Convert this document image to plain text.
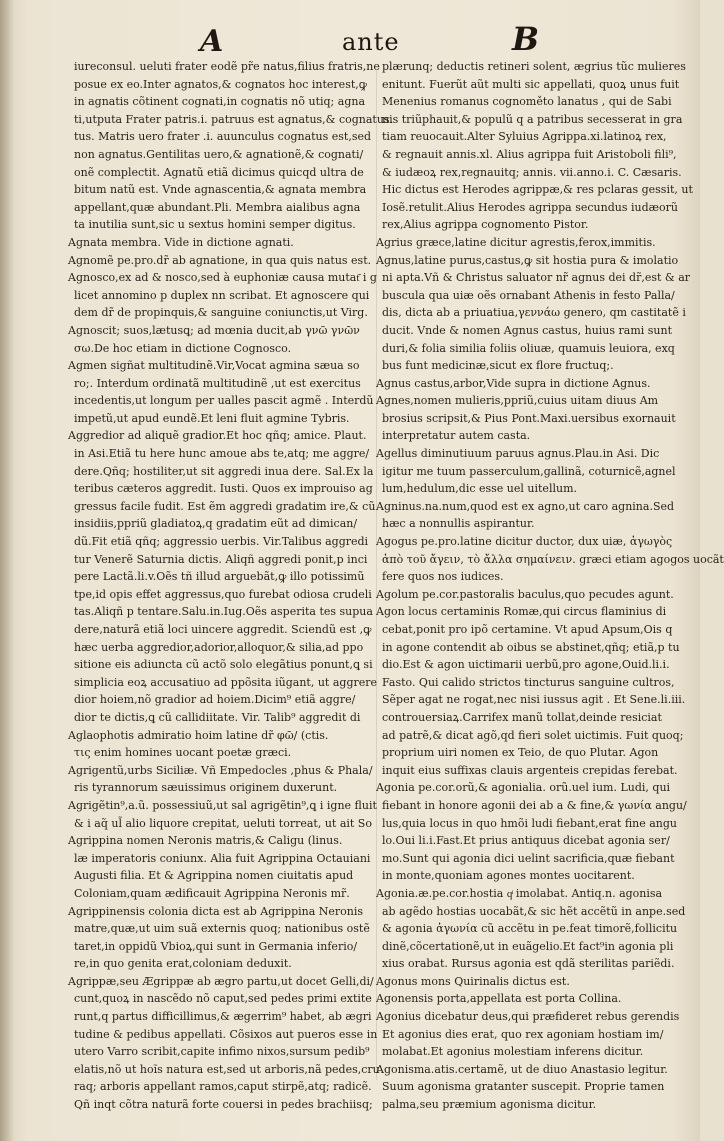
A	ante	B
iureconsul. ueluti frater eodẽ pr̃e natus,filius fratris,ne
posue ex eo.Inter agnatos,& cognatos hoc interest,ꝙ
in agnatis cõtinent cognati,in cognatis nõ utiq; agna
ti,utputa Frater patris.i. patruus est agnatus,& cognatus.
tus. Matris uero frater .i. auunculus cognatus est,sed
non agnatus.Gentilitas uero,& agnationẽ,& cognati/
onẽ complectit. Agnatũ etiã dicimus quicqd ultra de
bitum natũ est. Vnde agnascentia,& agnata membra
appellant,quæ abundant.Pli. Membra aialibus agna
ta inutilia sunt,sic u sextus homini semper digitus.
Agnata membra. Vide in dictione agnati.
Agnomẽ pe.pro.dr̃ ab agnatione, in qua quis natus est.
Agnosco,ex ad & nosco,sed à euphoniæ causa mutat͂ i g
licet annomino p duplex nn scribat. Et agnoscere qui
dem dr̃ de propinquis,& sanguine coniunctis,ut Virg.
Agnoscit; suos,lætusꝗ; ad mœnia ducit,ab γνῶ γνῶν
σω.De hoc etiam in dictione Cognosco.
Agmen sigñat multitudinẽ.Vir,Vocat agmina sæua so
ro;. Interdum ordinatã multitudinẽ ,ut est exercitus
incedentis,ut longum per ualles pascit agmẽ . Interdũ
impetũ,ut apud eundẽ.Et leni fluit agmine Tybris.
Aggredior ad aliquẽ gradior.Et hoc qñq; amice. Plaut.
in Asi.Etiã tu here hunc amoue abs te,atq; me aggre/
dere.Qñq; hostiliter,ut sit aggredi inua dere. Sal.Ex la
teribus cæteros aggredit. Iusti. Quos ex improuiso ag
gressus facile fudit. Est ẽm aggredi gradatim ire,& cũ
insidiis,ppriũ gladiatoꝝ,q gradatim eũt ad dimican/
dũ.Fit etiã qñq; aggressio uerbis. Vir.Talibus aggredi
tur Venerẽ Saturnia dictis. Aliqñ aggredi ponit,p inci
pere Lactã.li.v.Oẽs tñ illud arguebãt,ꝙ illo potissimũ
tpe,id opis effet aggressus,quo furebat odiosa crudeli
tas.Aliqñ p tentare.Salu.in.Iug.Oẽs asperita tes supua
dere,naturã etiã loci uincere aggredit. Sciendũ est ,ꝙ
hæc uerba aggredior,adorior,alloquor,& silia,ad ppo
sitione eis adiuncta cũ actõ solo elegãtius ponunt,ꝗ si
simplicia eoꝝ accusatiuo ad ppõsita iũgant, ut aggrere
dior hoiem,nõ gradior ad hoiem.Dicim⁹ etiã aggre/
dior te dictis,ꝗ cũ callidiitate. Vir. Talib⁹ aggredit di
Aglaophotis admiratio hoim latine dr̃ φῶ/ (ctis.
τις enim homines uocant poetæ græci.
Agrigentũ,urbs Siciliæ. Vñ Empedocles ,phus & Phala/
ris tyrannorum sæuissimus originem duxerunt.
Agrigẽtin⁹,a.ũ. possessiuũ,ut sal agrigẽtin⁹,ꝗ i igne fluit
& i aq̃ ul̃ alio liquore crepitat, ueluti torreat, ut ait So
Agrippina nomen Neronis matris,& Caligu (linus.
læ imperatoris coniunx. Alia fuit Agrippina Octauiani
Augusti filia. Et & Agrippina nomen ciuitatis apud
Coloniam,quam ædificauit Agrippina Neronis mr̃.
Agrippinensis colonia dicta est ab Agrippina Neronis
matre,quæ,ut uim suã externis quoq; nationibus ostẽ
taret,in oppidũ Vbioꝝ,qui sunt in Germania inferio/
re,in quo genita erat,coloniam deduxit.
Agrippæ,seu Ægrippæ ab ægro partu,ut docet Gelli,di/
cunt,quoꝝ in nascẽdo nõ caput,sed pedes primi extite
runt,q partus difficillimus,& ægerrim⁹ habet, ab ægri
tudine & pedibus appellati. Cõsixos aut pueros esse in
utero Varro scribit,capite infimo nixos,sursum pedib⁹
elatis,nõ ut hoĩs natura est,sed ut arboris,nã pedes,cru
raq; arboris appellant ramos,caput stirpẽ,atq; radicẽ.
Qñ inqt cõtra naturã forte couersi in pedes brachiisq;
plærunq; deductis retineri solent, ægrius tũc mulieres
enitunt. Fuerũt aũt multi sic appellati, quoꝝ unus fuit
Menenius romanus cognoměto lanatus , qui de Sabi
nis triũphauit,& populũ q a patribus secesserat in gra
tiam reuocauit.Alter Syluius Agrippa.xi.latinoꝝ rex,
& regnauit annis.xl. Alius agrippa fuit Aristoboli fili⁹,
& iudæoꝝ rex,regnauitq; annis. vii.anno.i. C. Cæsaris.
Hic dictus est Herodes agrippæ,& res pclaras gessit, ut
Iosẽ.retulit.Alius Herodes agrippa secundus iudæorũ
rex,Alius agrippa cognomento Pistor.
Agrius græce,latine dicitur agrestis,ferox,immitis.
Agnus,latine purus,castus,ꝙ sit hostia pura & imolatio
ni apta.Vñ & Christus saluator nr̃ agnus dei dr̃,est & ar
buscula qua uiæ oẽs ornabant Athenis in festo Palla/
dis, dicta ab a priuatiua,γεννάω genero, qm castitatẽ i
ducit. Vnde & nomen Agnus castus, huius rami sunt
duri,& folia similia foliis oliuæ, quamuis leuiora, exq
bus funt medicinæ,sicut ex flore fructuq;.
Agnus castus,arbor,Vide supra in dictione Agnus.
Agnes,nomen mulieris,ppriũ,cuius uitam diuus Am
brosius scripsit,& Pius Pont.Maxi.uersibus exornauit
interpretatur autem casta.
Agellus diminutiuum paruus agnus.Plau.in Asi. Dic
igitur me tuum passerculum,gallinã, coturnicẽ,agnel
lum,hedulum,dic esse uel uitellum.
Agninus.na.num,quod est ex agno,ut caro agnina.Sed
hæc a nonnullis aspirantur.
Agogus pe.pro.latine dicitur ductor, dux uiæ, ἀγωγὸς
ἀπὸ τοῦ ἄγειν, τὸ ἄλλα σημαίνειν. græci etiam agogos uocãt
fere quos nos iudices.
Agolum pe.cor.pastoralis baculus,quo pecudes agunt.
Agon locus certaminis Romæ,qui circus flaminius di
cebat,ponit pro ipõ certamine. Vt apud Apsum,Ois q
in agone contendit ab oibus se abstinet,qñq; etiã,p tu
dio.Est & agon uictimarii uerbũ,pro agone,Ouid.li.i.
Fasto. Qui calido strictos tincturus sanguine cultros,
Sẽper agat ne rogat,nec nisi iussus agit . Et Sene.li.iii.
controuersiaꝝ.Carrifex manũ tollat,deinde resiciat
ad patrẽ,& dicat agõ,qd fieri solet uictimis. Fuit quoq;
proprium uiri nomen ex Teio, de quo Plutar. Agon
inquit eius suffixas clauis argenteis crepidas ferebat.
Agonia pe.cor.orũ,& agonialia. orũ.uel ium. Ludi, qui
fiebant in honore agonii dei ab a & fine,& γωνία angu/
lus,quia locus in quo hmõi ludi fiebant,erat fine angu
lo.Oui li.i.Fast.Et prius antiquus dicebat agonia ser/
mo.Sunt qui agonia dici uelint sacrificia,quæ fiebant
in monte,quoniam agones montes uocitarent.
Agonia.æ.pe.cor.hostia qͥ imolabat. Antiq.n. agonisa
ab agẽdo hostias uocabãt,& sic hẽt accẽtũ in anpe.sed
& agonia ἀγωνία cũ accẽtu in pe.feat timorẽ,follicitu
dinẽ,cõcertationẽ,ut in euãgelio.Et fact⁹in agonia pli
xius orabat. Rursus agonia est qdã sterilitas pariẽdi.
Agonus mons Quirinalis dictus est.
Agonensis porta,appellata est porta Collina.
Agonius dicebatur deus,qui præfideret rebus gerendis
Et agonius dies erat, quo rex agoniam hostiam im/
molabat.Et agonius molestiam inferens dicitur.
Agonisma.atis.certamẽ, ut de diuo Anastasio legitur.
Suum agonisma gratanter suscepit. Proprie tamen
palma,seu præmium agonisma dicitur.
